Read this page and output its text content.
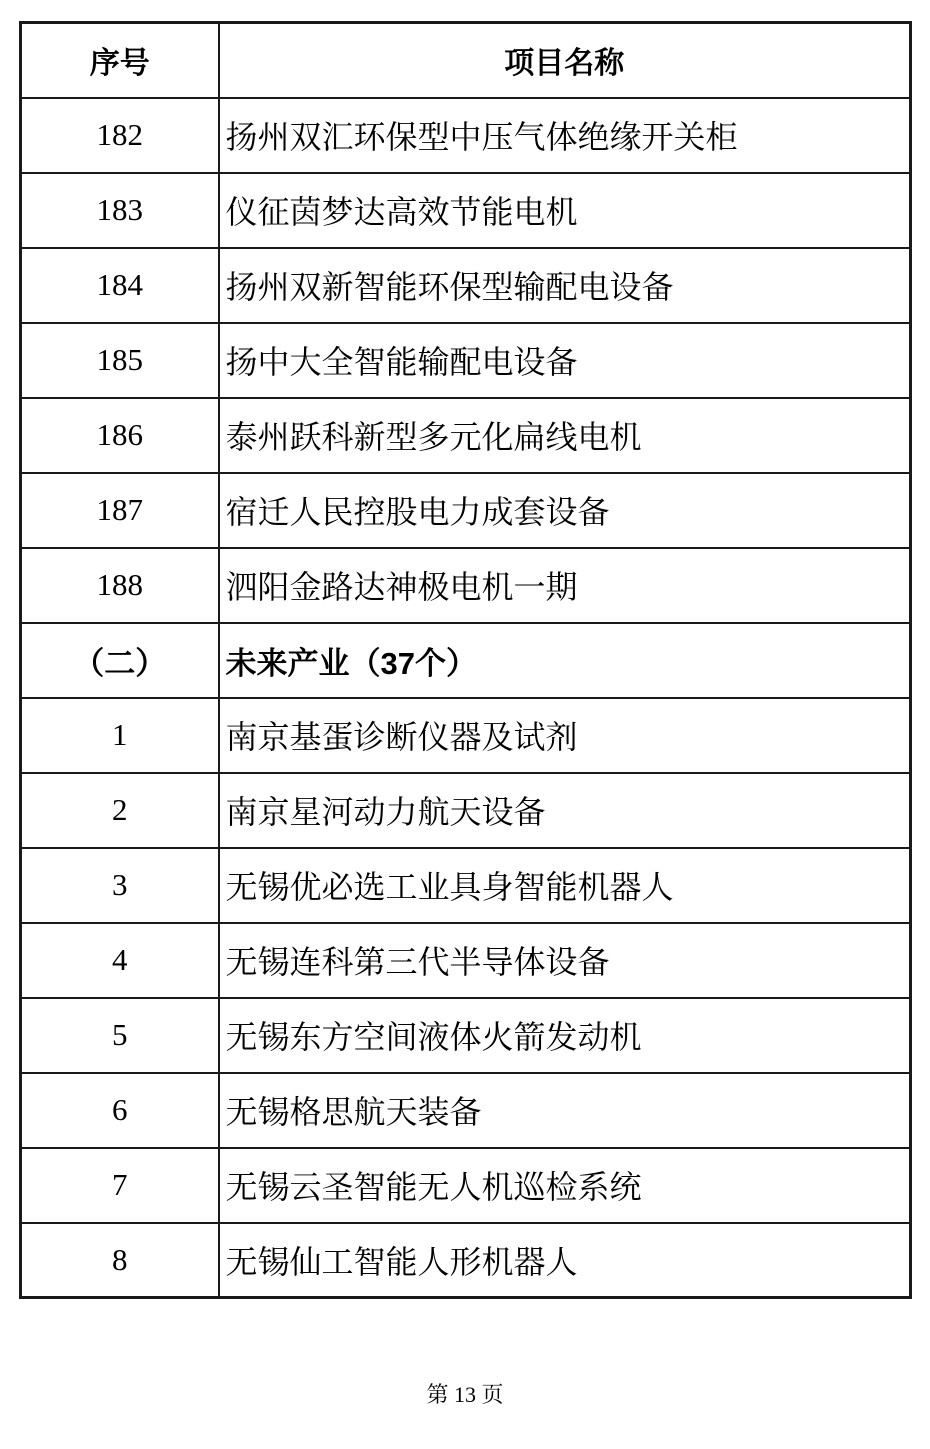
序号	项目名称
182	扬州双汇环保型中压气体绝缘开关柜
183	仪征茵梦达高效节能电机
184	扬州双新智能环保型输配电设备
185	扬中大全智能输配电设备
186	泰州跃科新型多元化扁线电机
187	宿迁人民控股电力成套设备
188	泗阳金路达神极电机一期
（二）	未来产业（37个）
1	南京基蛋诊断仪器及试剂
2	南京星河动力航天设备
3	无锡优必选工业具身智能机器人
4	无锡连科第三代半导体设备
5	无锡东方空间液体火箭发动机
6	无锡格思航天装备
7	无锡云圣智能无人机巡检系统
8	无锡仙工智能人形机器人
第 13 页
